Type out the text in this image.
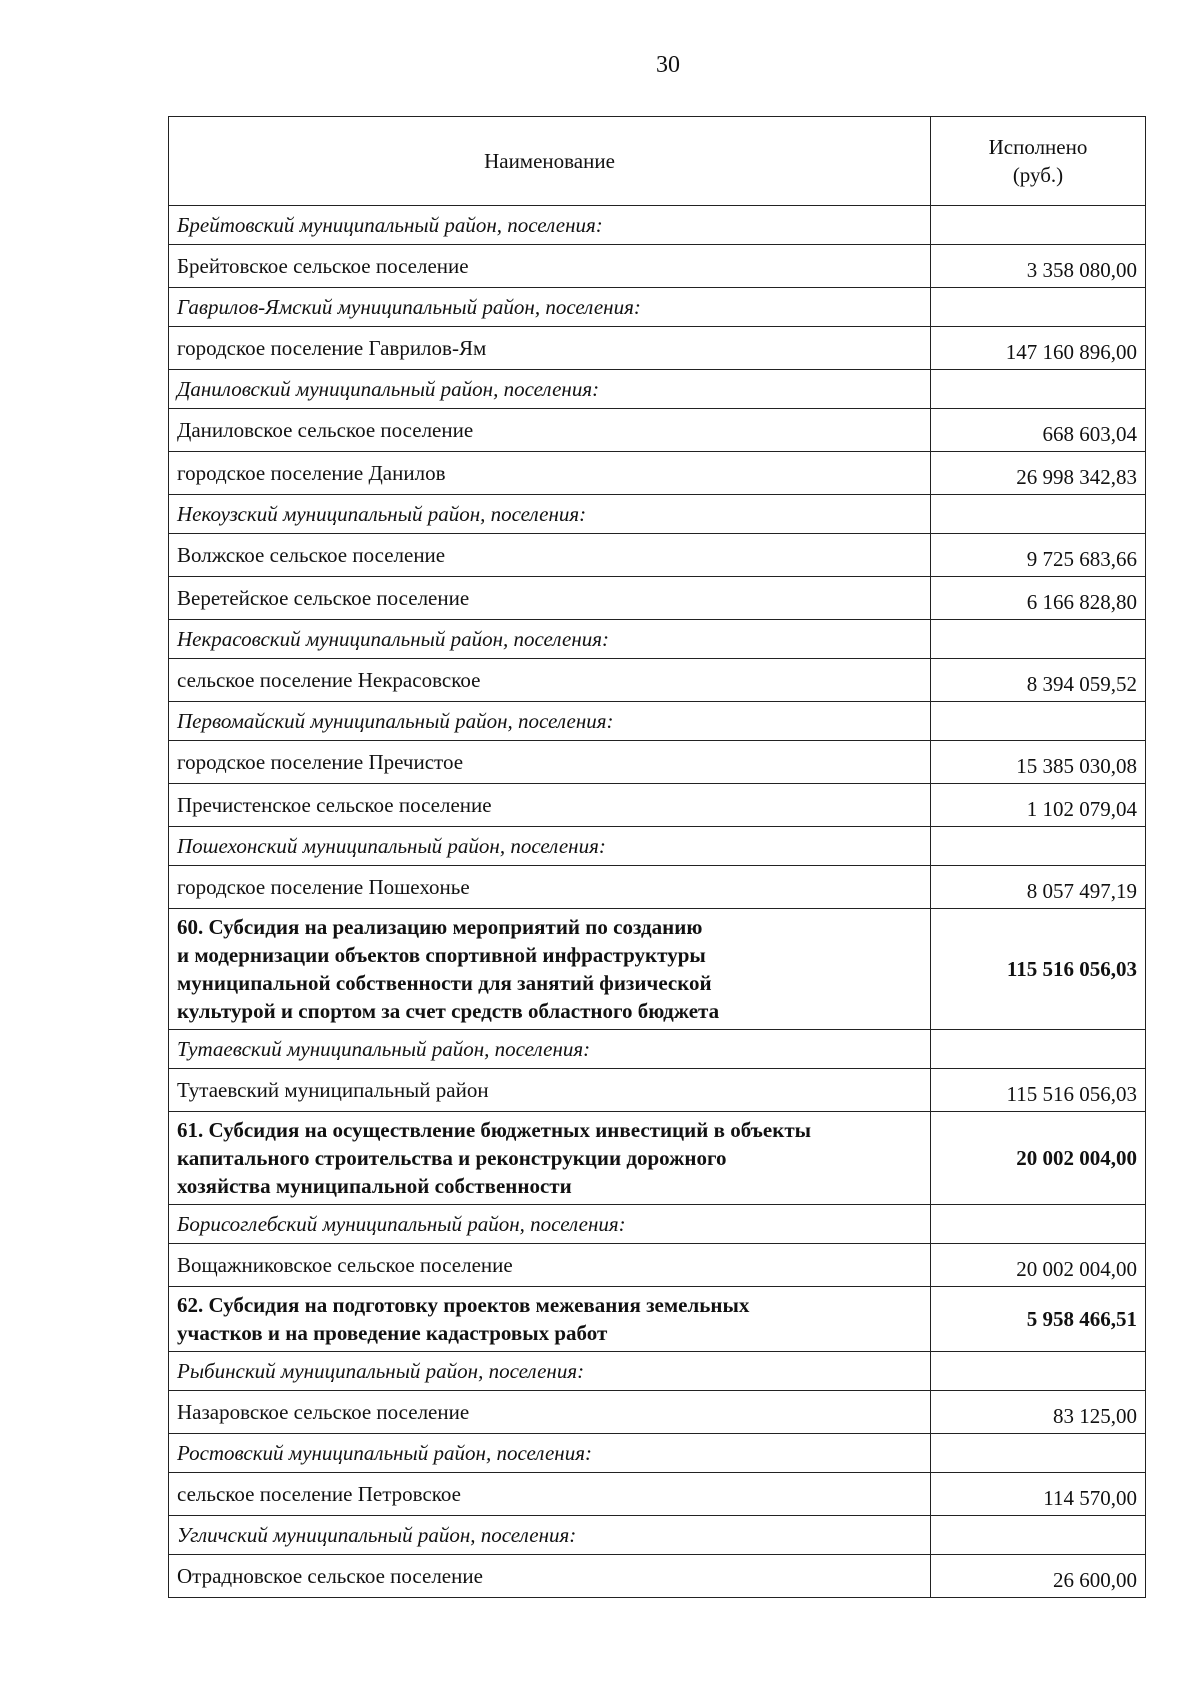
30
Наименование	Исполнено
(руб.)
Брейтовский муниципальный район, поселения:	
Брейтовское сельское поселение	3 358 080,00
Гаврилов-Ямский муниципальный район, поселения:	
городское поселение Гаврилов-Ям	147 160 896,00
Даниловский муниципальный район, поселения:	
Даниловское сельское поселение	668 603,04
городское поселение Данилов	26 998 342,83
Некоузский муниципальный район, поселения:	
Волжское сельское поселение	9 725 683,66
Веретейское сельское поселение	6 166 828,80
Некрасовский муниципальный район, поселения:	
сельское поселение Некрасовское	8 394 059,52
Первомайский муниципальный район, поселения:	
городское поселение Пречистое	15 385 030,08
Пречистенское сельское поселение	1 102 079,04
Пошехонский муниципальный район, поселения:	
городское поселение Пошехонье	8 057 497,19
60. Субсидия на реализацию мероприятий по созданию
и модернизации объектов спортивной инфраструктуры
муниципальной собственности для занятий физической
культурой и спортом за счет средств областного бюджета	115 516 056,03
Тутаевский муниципальный район, поселения:	
Тутаевский муниципальный район	115 516 056,03
61. Субсидия на осуществление бюджетных инвестиций в объекты
капитального строительства и реконструкции дорожного
хозяйства муниципальной собственности	20 002 004,00
Борисоглебский муниципальный район, поселения:	
Вощажниковское сельское поселение	20 002 004,00
62. Субсидия на подготовку проектов межевания земельных
участков и на проведение кадастровых работ	5 958 466,51
Рыбинский муниципальный район, поселения:	
Назаровское сельское поселение	83 125,00
Ростовский муниципальный район, поселения:	
сельское поселение Петровское	114 570,00
Угличский муниципальный район, поселения:	
Отрадновское сельское поселение	26 600,00
